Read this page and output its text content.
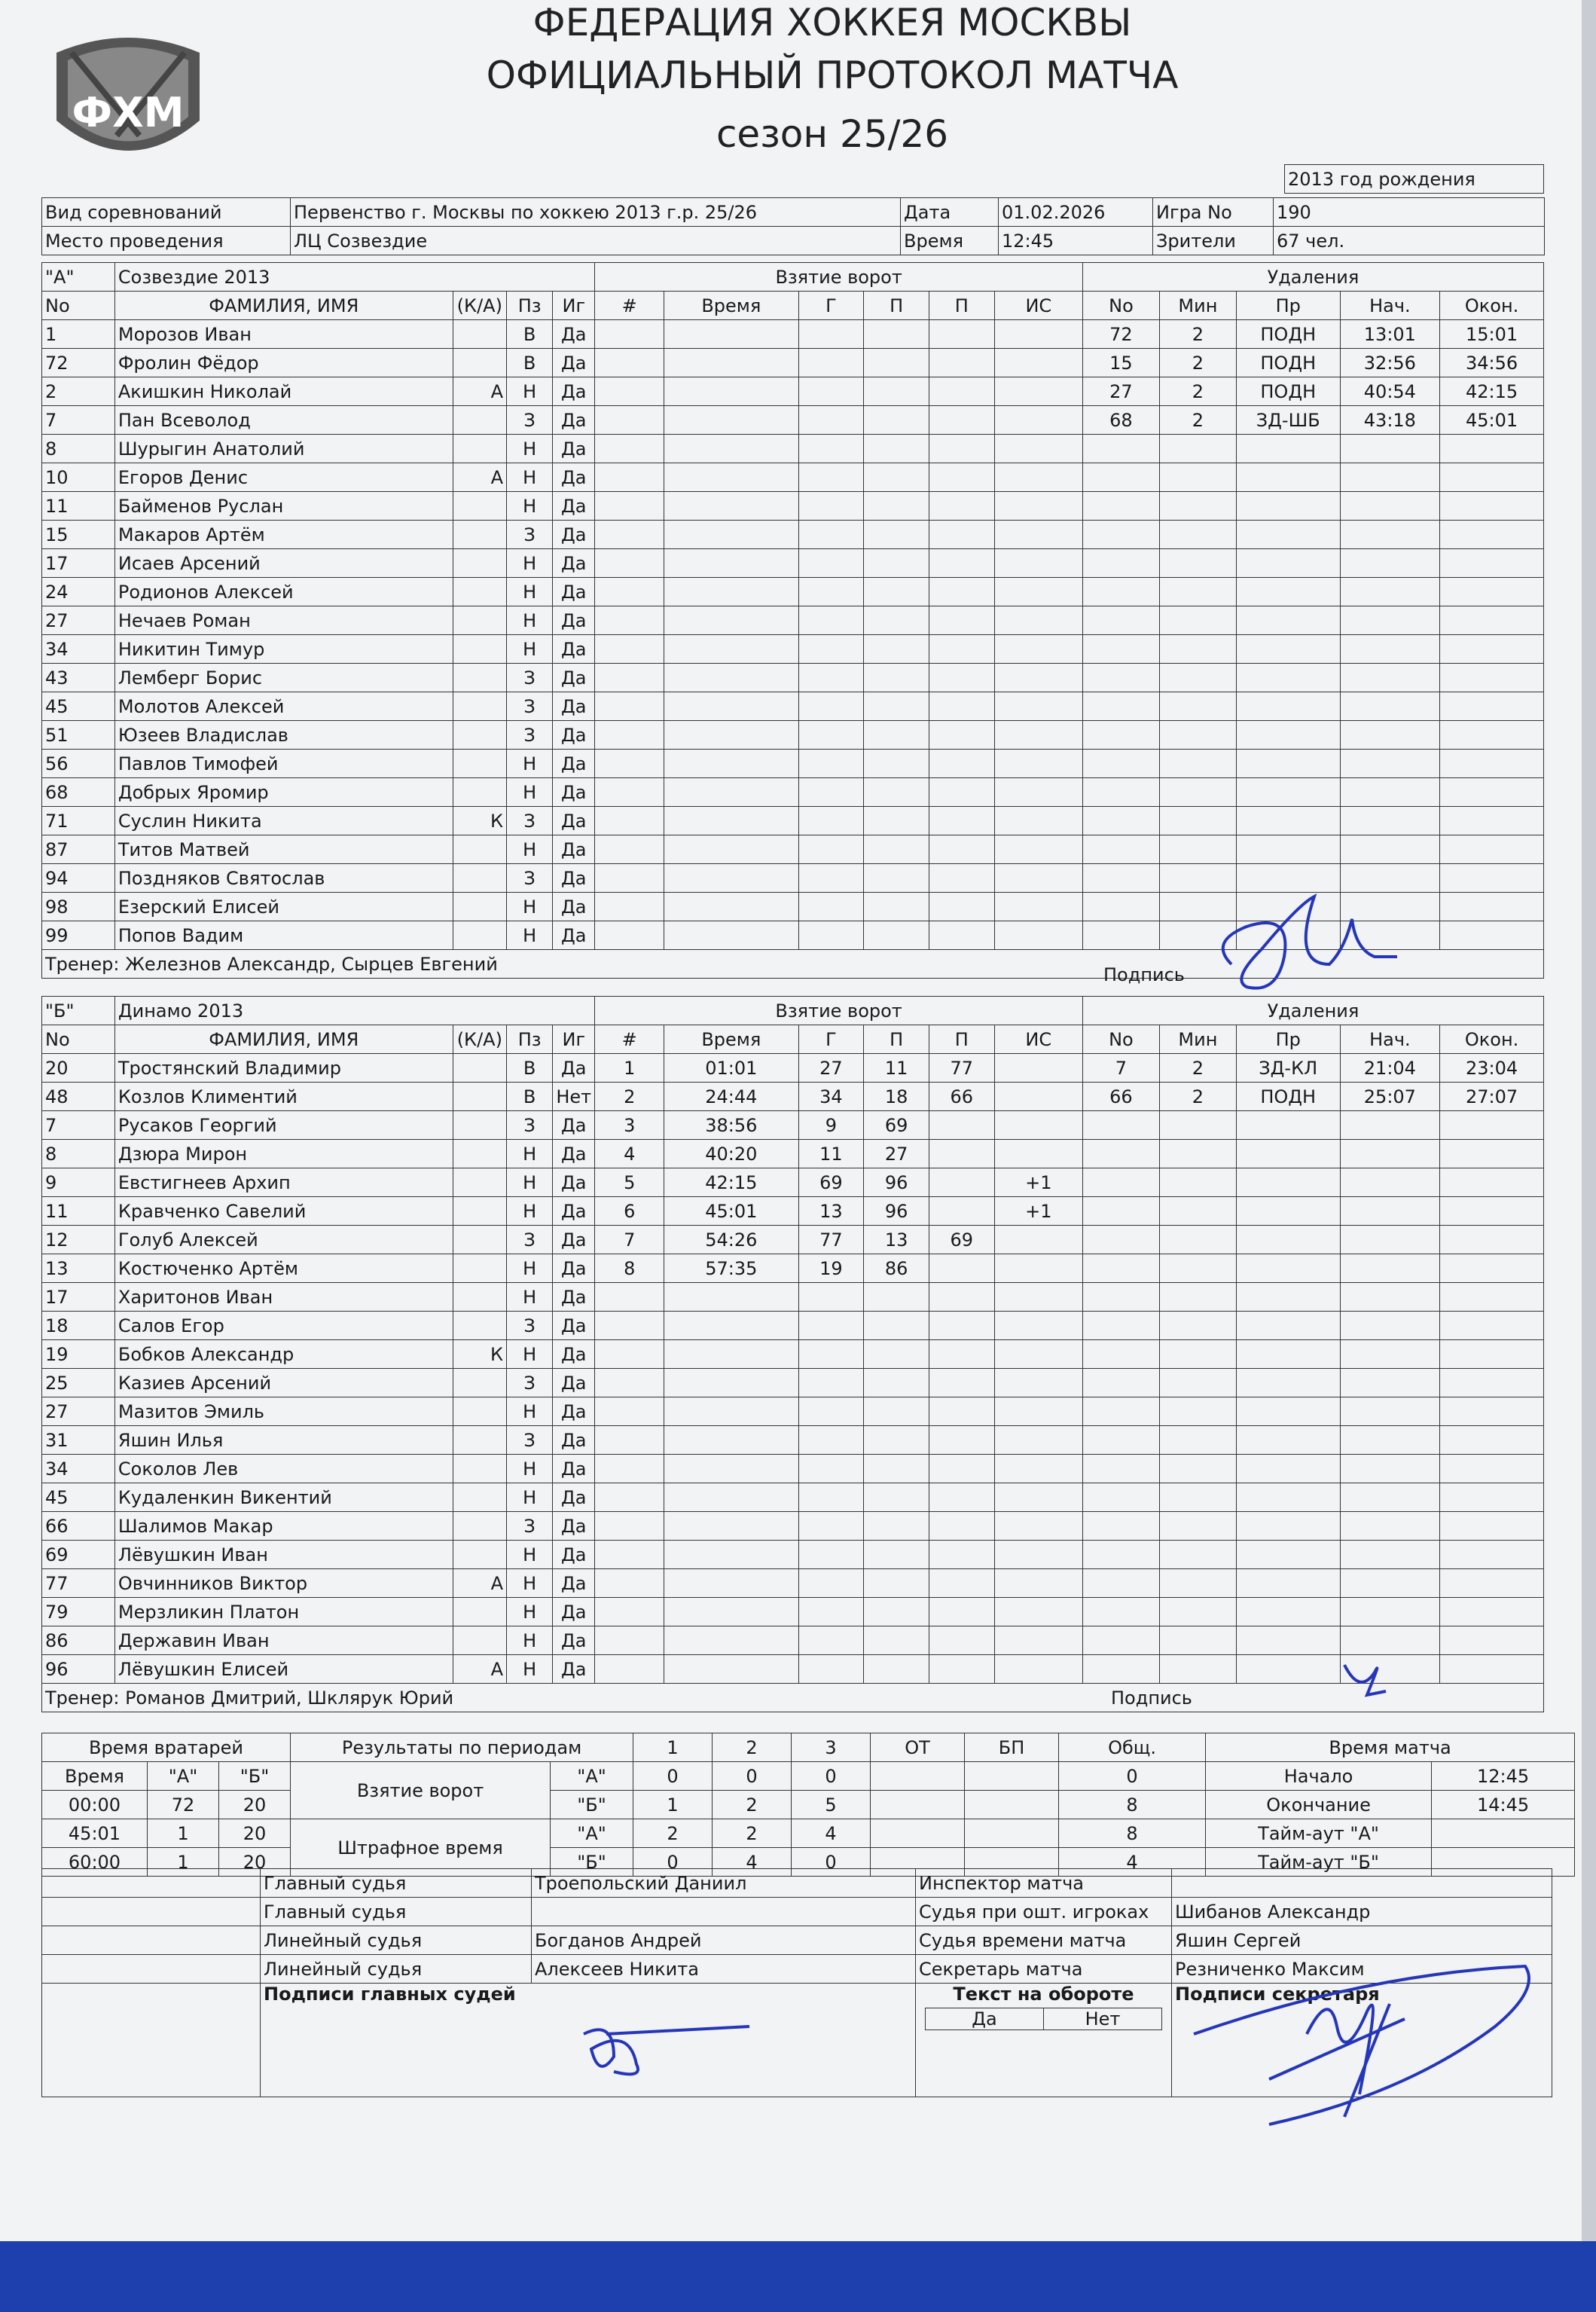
ФХМ
ФЕДЕРАЦИЯ ХОККЕЯ МОСКВЫ
ОФИЦИАЛЬНЫЙ ПРОТОКОЛ МАТЧА
сезон 25/26
2013 год рождения
Вид соревнований	Первенство г. Москвы по хоккею 2013 г.р. 25/26	Дата	01.02.2026	Игра No	190
Место проведения	ЛЦ Созвездие	Время	12:45	Зрители	67 чел.
"А"	Созвездие 2013				Взятие ворот						Удаления				
No	ФАМИЛИЯ, ИМЯ	(К/А)	Пз	Иг	#	Время	Г	П	П	ИС	No	Мин	Пр	Нач.	Окон.
1	Морозов Иван		В	Да							72	2	ПОДН	13:01	15:01
72	Фролин Фёдор		В	Да							15	2	ПОДН	32:56	34:56
2	Акишкин Николай	А	Н	Да							27	2	ПОДН	40:54	42:15
7	Пан Всеволод		З	Да							68	2	ЗД-ШБ	43:18	45:01
8	Шурыгин Анатолий		Н	Да											
10	Егоров Денис	А	Н	Да											
11	Байменов Руслан		Н	Да											
15	Макаров Артём		З	Да											
17	Исаев Арсений		Н	Да											
24	Родионов Алексей		Н	Да											
27	Нечаев Роман		Н	Да											
34	Никитин Тимур		Н	Да											
43	Лемберг Борис		З	Да											
45	Молотов Алексей		З	Да											
51	Юзеев Владислав		З	Да											
56	Павлов Тимофей		Н	Да											
68	Добрых Яромир		Н	Да											
71	Суслин Никита	К	З	Да											
87	Титов Матвей		Н	Да											
94	Поздняков Святослав		З	Да											
98	Езерский Елисей		Н	Да											
99	Попов Вадим		Н	Да											
Тренер: Железнов Александр, Сырцев Евгений															
Подпись
"Б"	Динамо 2013				Взятие ворот						Удаления				
No	ФАМИЛИЯ, ИМЯ	(К/А)	Пз	Иг	#	Время	Г	П	П	ИС	No	Мин	Пр	Нач.	Окон.
20	Тростянский Владимир		В	Да	1	01:01	27	11	77		7	2	ЗД-КЛ	21:04	23:04
48	Козлов Климентий		В	Нет	2	24:44	34	18	66		66	2	ПОДН	25:07	27:07
7	Русаков Георгий		З	Да	3	38:56	9	69							
8	Дзюра Мирон		Н	Да	4	40:20	11	27							
9	Евстигнеев Архип		Н	Да	5	42:15	69	96		+1					
11	Кравченко Савелий		Н	Да	6	45:01	13	96		+1					
12	Голуб Алексей		З	Да	7	54:26	77	13	69						
13	Костюченко Артём		Н	Да	8	57:35	19	86							
17	Харитонов Иван		Н	Да											
18	Салов Егор		З	Да											
19	Бобков Александр	К	Н	Да											
25	Казиев Арсений		З	Да											
27	Мазитов Эмиль		Н	Да											
31	Яшин Илья		З	Да											
34	Соколов Лев		Н	Да											
45	Кудаленкин Викентий		Н	Да											
66	Шалимов Макар		З	Да											
69	Лёвушкин Иван		Н	Да											
77	Овчинников Виктор	А	Н	Да											
79	Мерзликин Платон		Н	Да											
86	Державин Иван		Н	Да											
96	Лёвушкин Елисей	А	Н	Да											
Тренер: Романов Дмитрий, Шклярук Юрий																Подпись
Время вратарей			Результаты по периодам		1	2	3	ОТ	БП	Общ.	Время матча	
Время	"А"	"Б"	Взятие ворот	"А"	0	0	0			0	Начало	12:45
00:00	72	20		"Б"	1	2	5			8	Окончание	14:45
45:01	1	20	Штрафное время	"А"	2	2	4			8	Тайм-аут "А"	
60:00	1	20		"Б"	0	4	0			4	Тайм-аут "Б"	
	Главный судья	Троепольский Даниил	Инспектор матча	
	Главный судья		Судья при ошт. игроках	Шибанов Александр
	Линейный судья	Богданов Андрей	Судья времени матча	Яшин Сергей
	Линейный судья	Алексеев Никита	Секретарь матча	Резниченко Максим
	Подписи главных судей		Текст на обороте
Да Нет	Подписи секретаря
